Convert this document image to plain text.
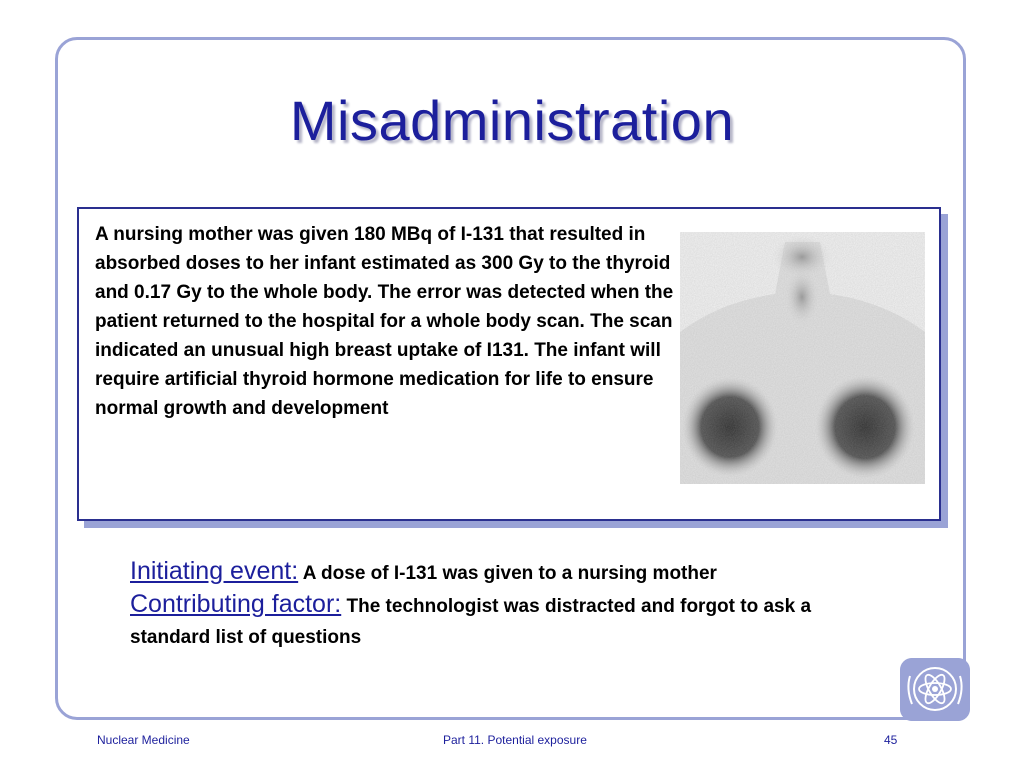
Misadministration
A nursing mother was given 180 MBq of I-131 that resulted in absorbed doses to her infant estimated as 300 Gy to the thyroid and 0.17 Gy to the whole body. The error was detected when the patient returned to the hospital for a whole body scan. The scan indicated an unusual high breast uptake of I131. The infant will require artificial thyroid hormone medication for life to ensure normal growth and development
Initiating event: A dose of I-131 was given to a nursing mother
Contributing factor: The technologist was distracted and forgot to ask a standard list of questions
Nuclear Medicine	Part 11. Potential exposure	45
